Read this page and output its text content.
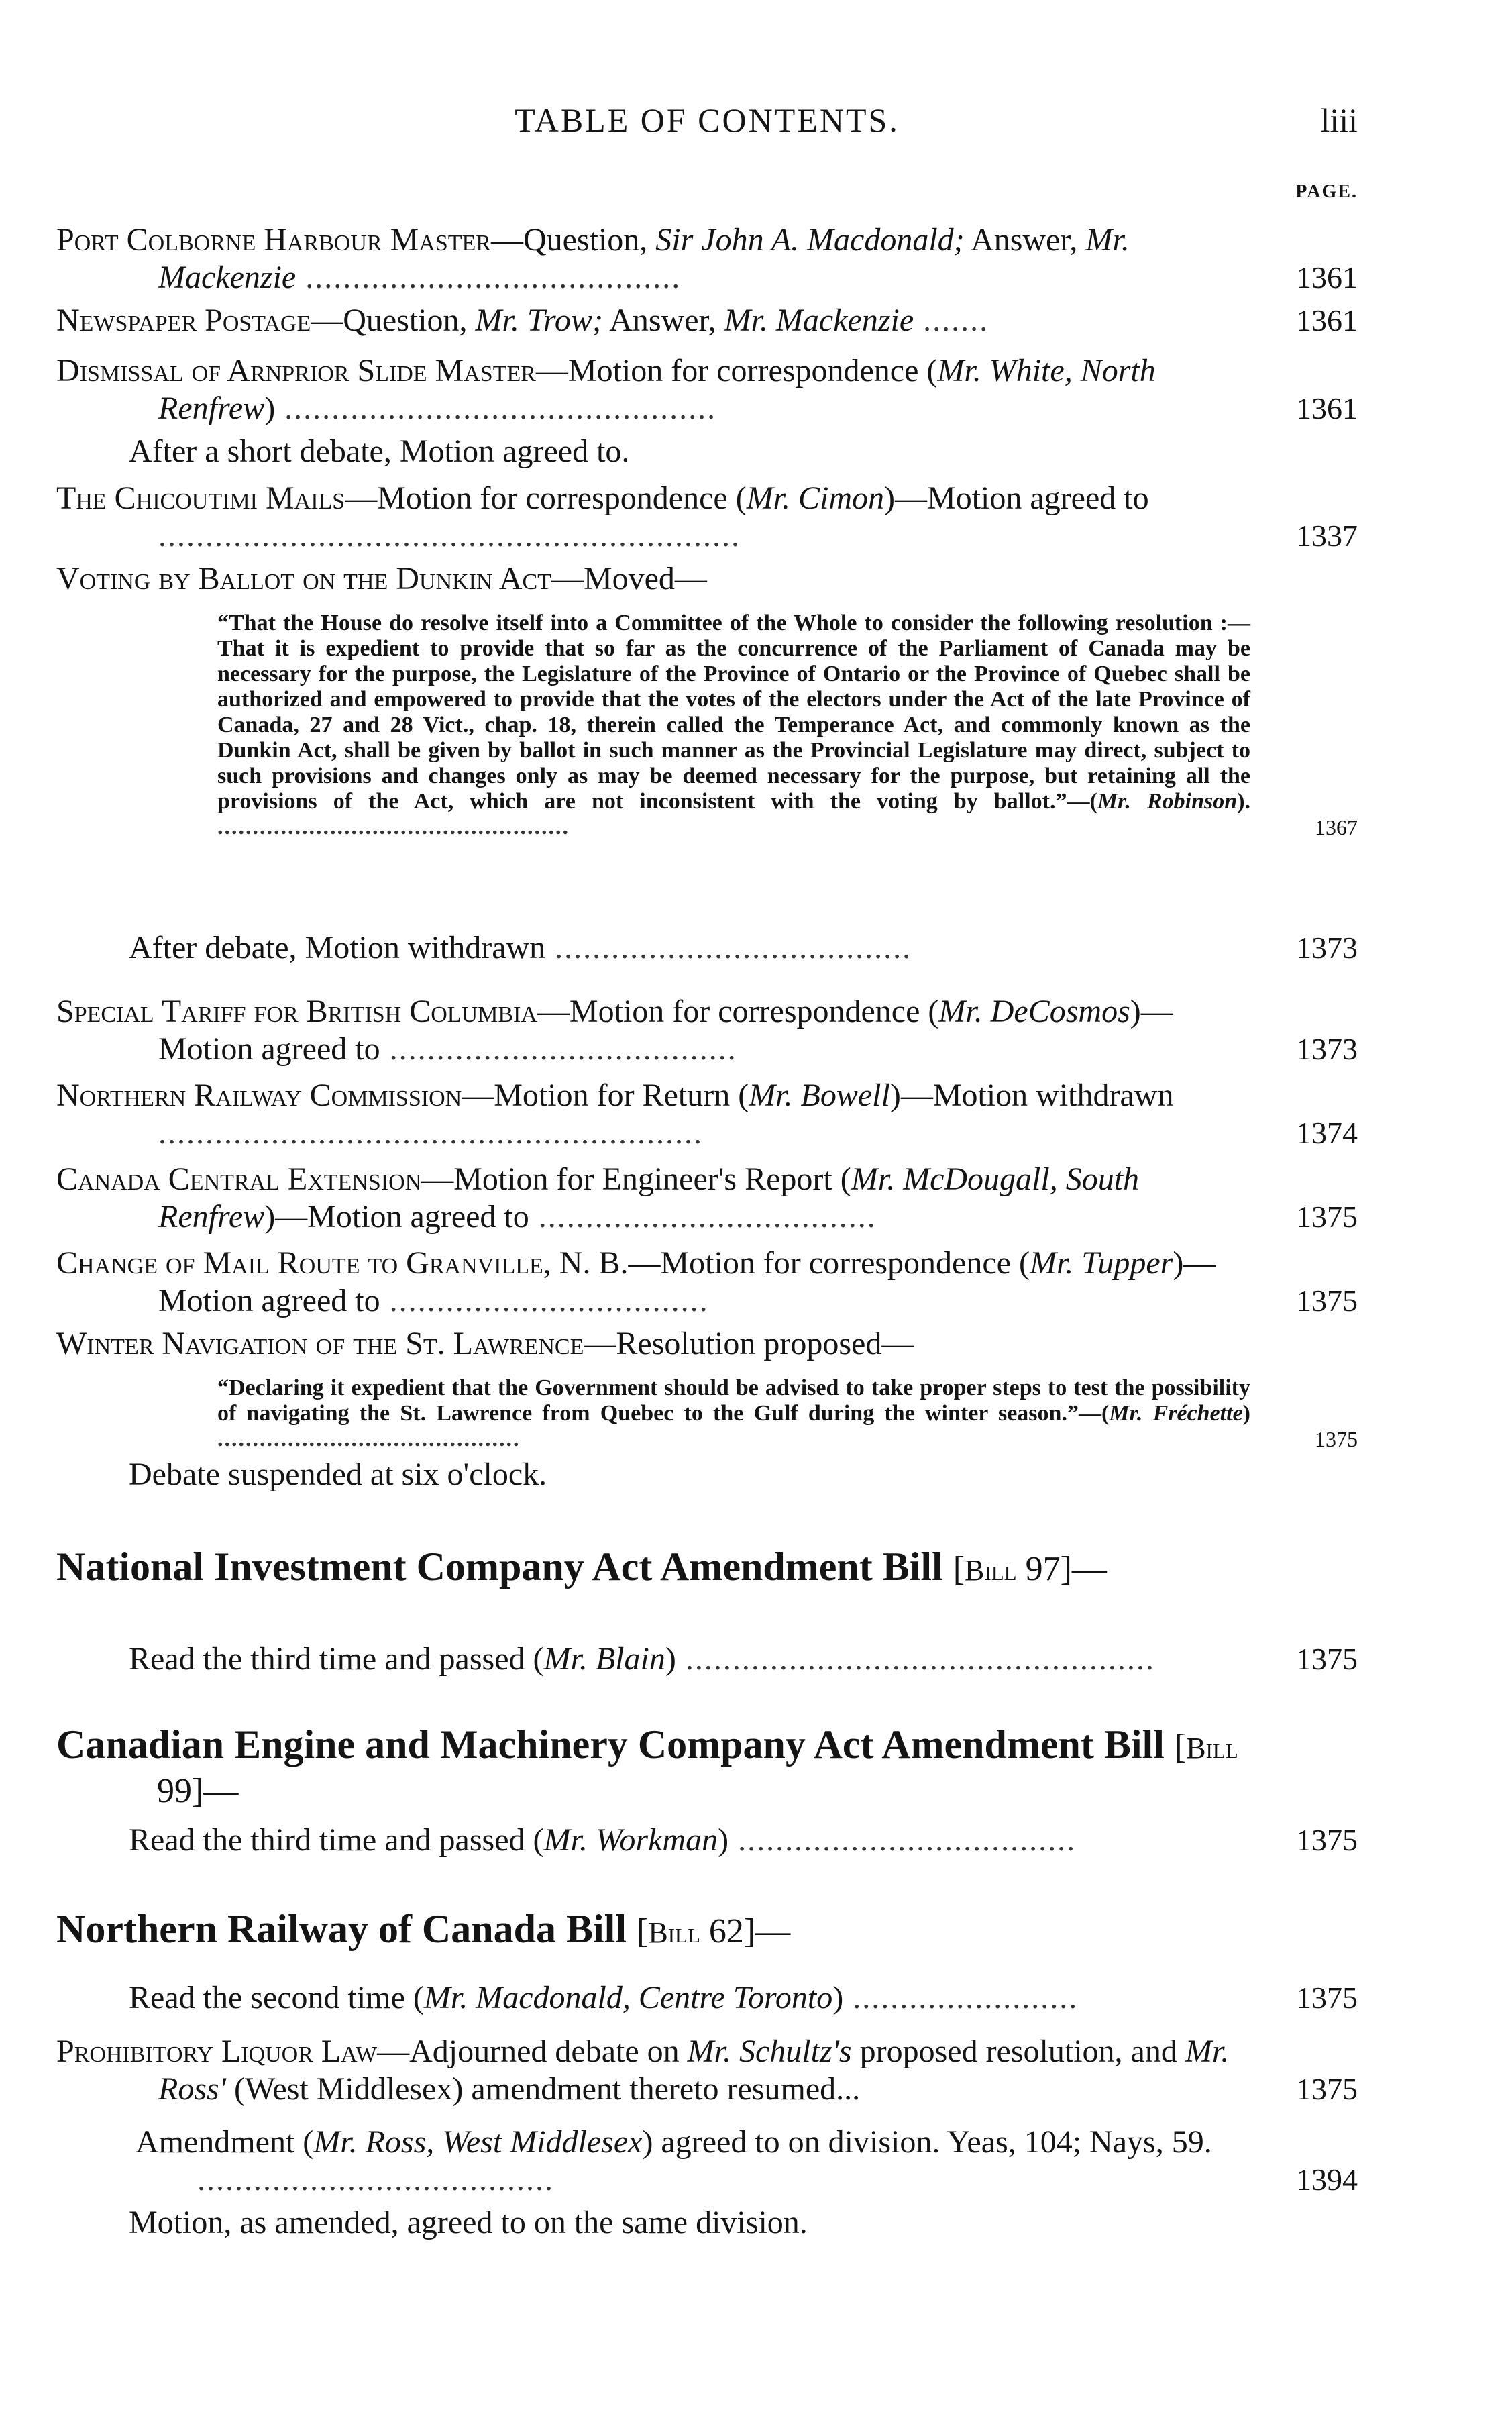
TABLE OF CONTENTS.	liii
PAGE.
Port Colborne Harbour Master—Question, Sir John A. Macdonald; Answer, Mr. Mackenzie ........................................	1361
Newspaper Postage—Question, Mr. Trow; Answer, Mr. Mackenzie .......	1361
Dismissal of Arnprior Slide Master—Motion for correspondence (Mr. White, North Renfrew) ..............................................	1361
After a short debate, Motion agreed to.
The Chicoutimi Mails—Motion for correspondence (Mr. Cimon)—Motion agreed to ..............................................................	1337
Voting by Ballot on the Dunkin Act—Moved—
“That the House do resolve itself into a Committee of the Whole to consider the following resolution :—That it is expedient to provide that so far as the concurrence of the Parliament of Canada may be necessary for the purpose, the Legislature of the Province of Ontario or the Province of Quebec shall be authorized and empowered to provide that the votes of the electors under the Act of the late Province of Canada, 27 and 28 Vict., chap. 18, therein called the Temperance Act, and commonly known as the Dunkin Act, shall be given by ballot in such manner as the Provincial Legislature may direct, subject to such provisions and changes only as may be deemed necessary for the purpose, but retaining all the provisions of the Act, which are not inconsistent with the voting by ballot.”—(Mr. Robinson). ..................................................	1367
After debate, Motion withdrawn ......................................	1373
Special Tariff for British Columbia—Motion for correspondence (Mr. DeCosmos)—Motion agreed to .....................................	1373
Northern Railway Commission—Motion for Return (Mr. Bowell)—Motion withdrawn ..........................................................	1374
Canada Central Extension—Motion for Engineer's Report (Mr. McDougall, South Renfrew)—Motion agreed to ....................................	1375
Change of Mail Route to Granville, N. B.—Motion for correspondence (Mr. Tupper)—Motion agreed to ..................................	1375
Winter Navigation of the St. Lawrence—Resolution proposed—
“Declaring it expedient that the Government should be advised to take proper steps to test the possibility of navigating the St. Lawrence from Quebec to the Gulf during the winter season.”—(Mr. Fréchette) ...........................................	1375
Debate suspended at six o'clock.
National Investment Company Act Amendment Bill [Bill 97]—
Read the third time and passed (Mr. Blain) ..................................................	1375
Canadian Engine and Machinery Company Act Amendment Bill [Bill 99]—
Read the third time and passed (Mr. Workman) ....................................	1375
Northern Railway of Canada Bill [Bill 62]—
Read the second time (Mr. Macdonald, Centre Toronto) ........................	1375
Prohibitory Liquor Law—Adjourned debate on Mr. Schultz's proposed resolution, and Mr. Ross' (West Middlesex) amendment thereto resumed...	1375
Amendment (Mr. Ross, West Middlesex) agreed to on division. Yeas, 104; Nays, 59. ......................................	1394
Motion, as amended, agreed to on the same division.
